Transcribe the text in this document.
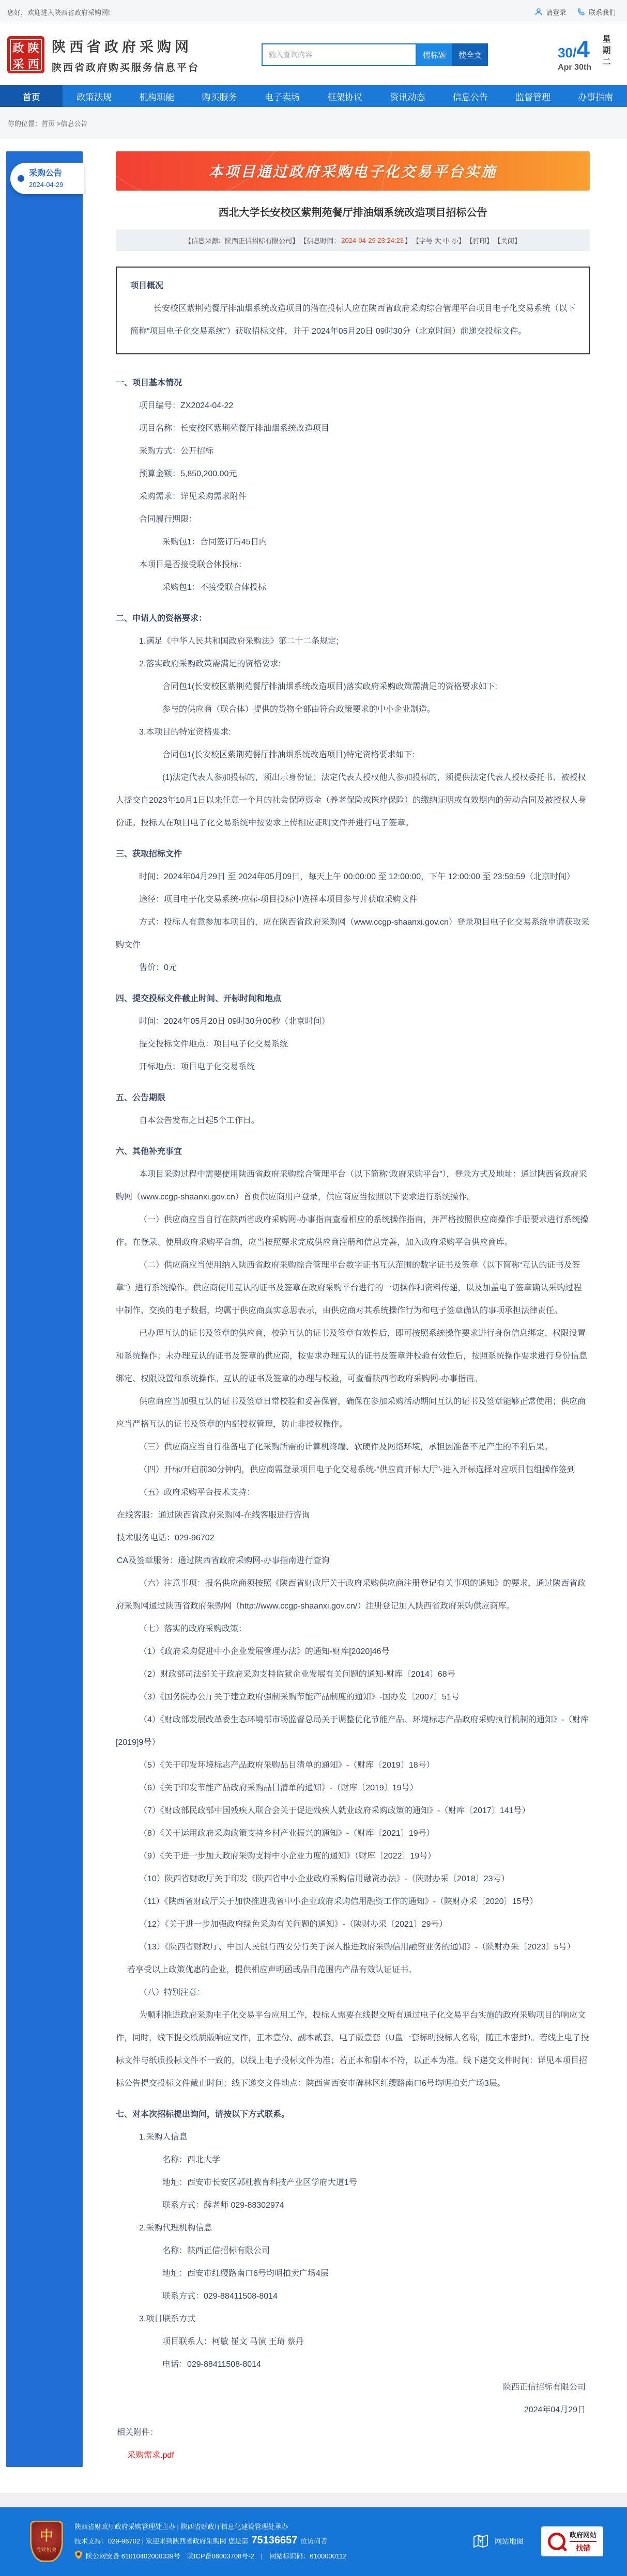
您好，欢迎进入陕西省政府采购网!	请登录	联系我们
政 陕
采 西
陕西省政府采购网
陕西省政府购买服务信息平台
输入查询内容
搜标题	搜全文	30/4
Apr 30th 星期二
首页	政策法规	机构职能	购买服务	电子卖场	框架协议	资讯动态	信息公告	监督管理	办事指南
你的位置：首页 >信息公告
采购公告
2024-04-29
本项目通过政府采购电子化交易平台实施
西北大学长安校区紫荆苑餐厅排油烟系统改造项目招标公告
【信息来源：陕西正信招标有限公司】 【信息时间： 2024-04-29 23:24:23 】 【字号 大 中 小】 【打印】 【关闭】
项目概况

长安校区紫荆苑餐厅排油烟系统改造项目的潜在投标人应在陕西省政府采购综合管理平台项目电子化交易系统（以下简称“项目电子化交易系统”）获取招标文件，并于 2024年05月20日 09时30分（北京时间）前递交投标文件。

一、项目基本情况

项目编号：ZX2024-04-22

项目名称：长安校区紫荆苑餐厅排油烟系统改造项目

采购方式：公开招标

预算金额：5,850,200.00元

采购需求：详见采购需求附件

合同履行期限：

采购包1：合同签订后45日内

本项目是否接受联合体投标：

采购包1：不接受联合体投标

二、申请人的资格要求：

1.满足《中华人民共和国政府采购法》第二十二条规定;

2.落实政府采购政策需满足的资格要求:

合同包1(长安校区紫荆苑餐厅排油烟系统改造项目)落实政府采购政策需满足的资格要求如下:

参与的供应商（联合体）提供的货物全部由符合政策要求的中小企业制造。

3.本项目的特定资格要求:

合同包1(长安校区紫荆苑餐厅排油烟系统改造项目)特定资格要求如下:

(1)法定代表人参加投标的，须出示身份证；法定代表人授权他人参加投标的，须提供法定代表人授权委托书、被授权人提交自2023年10月1日以来任意一个月的社会保障资金（养老保险或医疗保险）的缴纳证明或有效期内的劳动合同及被授权人身份证。投标人在项目电子化交易系统中按要求上传相应证明文件并进行电子签章。

三、获取招标文件

时间：2024年04月29日 至 2024年05月09日，每天上午 00:00:00 至 12:00:00，下午 12:00:00 至 23:59:59（北京时间）

途径：项目电子化交易系统-应标-项目投标中选择本项目参与并获取采购文件

方式：投标人有意参加本项目的，应在陕西省政府采购网（www.ccgp-shaanxi.gov.cn）登录项目电子化交易系统申请获取采购文件

售价：0元

四、提交投标文件截止时间、开标时间和地点

时间：2024年05月20日 09时30分00秒（北京时间）

提交投标文件地点：项目电子化交易系统

开标地点：项目电子化交易系统

五、公告期限

自本公告发布之日起5个工作日。

六、其他补充事宜

本项目采购过程中需要使用陕西省政府采购综合管理平台（以下简称“政府采购平台”），登录方式及地址：通过陕西省政府采购网（www.ccgp-shaanxi.gov.cn）首页供应商用户登录，供应商应当按照以下要求进行系统操作。

（一）供应商应当自行在陕西省政府采购网-办事指南查看相应的系统操作指南，并严格按照供应商操作手册要求进行系统操作。在登录、使用政府采购平台前，应当按照要求完成供应商注册和信息完善，加入政府采购平台供应商库。

（二）供应商应当使用纳入陕西省政府采购综合管理平台数字证书互认范围的数字证书及签章（以下简称“互认的证书及签章”）进行系统操作。供应商使用互认的证书及签章在政府采购平台进行的一切操作和资料传递，以及加盖电子签章确认采购过程中制作、交换的电子数据，均属于供应商真实意思表示，由供应商对其系统操作行为和电子签章确认的事项承担法律责任。

已办理互认的证书及签章的供应商，校验互认的证书及签章有效性后，即可按照系统操作要求进行身份信息绑定、权限设置和系统操作；未办理互认的证书及签章的供应商，按要求办理互认的证书及签章并校验有效性后，按照系统操作要求进行身份信息绑定、权限设置和系统操作。互认的证书及签章的办理与校验，可查看陕西省政府采购网-办事指南。

供应商应当加强互认的证书及签章日常校验和妥善保管，确保在参加采购活动期间互认的证书及签章能够正常使用；供应商应当严格互认的证书及签章的内部授权管理，防止非授权操作。

（三）供应商应当自行准备电子化采购所需的计算机终端、软硬件及网络环境，承担因准备不足产生的不利后果。

（四）开标/开启前30分钟内，供应商需登录项目电子化交易系统-“供应商开标大厅”-进入开标选择对应项目包组操作签到

（五）政府采购平台技术支持：

在线客服：通过陕西省政府采购网-在线客服进行咨询

技术服务电话：029-96702

CA及签章服务：通过陕西省政府采购网-办事指南进行查询

（六）注意事项：报名供应商须按照《陕西省财政厅关于政府采购供应商注册登记有关事项的通知》的要求，通过陕西省政府采购网通过陕西省政府采购网（http://www.ccgp-shaanxi.gov.cn/）注册登记加入陕西省政府采购供应商库。

（七）落实的政府采购政策：

（1）《政府采购促进中小企业发展管理办法》的通知-财库[2020]46号

（2）财政部司法部关于政府采购支持监狱企业发展有关问题的通知-财库〔2014〕68号

（3）《国务院办公厅关于建立政府强制采购节能产品制度的通知》-国办发〔2007〕51号

（4）《财政部发展改革委生态环境部市场监督总局关于调整优化节能产品、环境标志产品政府采购执行机制的通知》-（财库[2019]9号）

（5）《关于印发环境标志产品政府采购品目清单的通知》-（财库〔2019〕18号）

（6）《关于印发节能产品政府采购品目清单的通知》-（财库〔2019〕19号）

（7）《财政部民政部中国残疾人联合会关于促进残疾人就业政府采购政策的通知》-（财库〔2017〕141号）

（8）《关于运用政府采购政策支持乡村产业振兴的通知》-（财库〔2021〕19号）

（9）《关于进一步加大政府采购支持中小企业力度的通知》（财库〔2022〕19号）

（10）陕西省财政厅关于印发《陕西省中小企业政府采购信用融资办法》-（陕财办采〔2018〕23号）

（11）《陕西省财政厅关于加快推进我省中小企业政府采购信用融资工作的通知》-（陕财办采〔2020〕15号）

（12）《关于进一步加强政府绿色采购有关问题的通知》-（陕财办采〔2021〕29号）

（13）《陕西省财政厅、中国人民银行西安分行关于深入推进政府采购信用融资业务的通知》-（陕财办采〔2023〕5号）

若享受以上政策优惠的企业，提供相应声明函或品目范围内产品有效认证证书。

（八）特别注意：

为顺利推进政府采购电子化交易平台应用工作，投标人需要在线提交所有通过电子化交易平台实施的政府采购项目的响应文件，同时，线下提交纸质版响应文件，正本壹份、副本贰套、电子版壹套（U盘一套标明投标人名称，随正本密封）。若线上电子投标文件与纸质投标文件不一致的，以线上电子投标文件为准；若正本和副本不符，以正本为准。线下递交文件时间：详见本项目招标公告提交投标文件截止时间；线下递交文件地点：陕西省西安市碑林区红缨路南口6号均明拍卖广场3层。

七、对本次招标提出询问，请按以下方式联系。

1.采购人信息

名称：西北大学

地址：西安市长安区郭杜教育科技产业区学府大道1号

联系方式：薛老师 029-88302974

2.采购代理机构信息

名称：陕西正信招标有限公司

地址：西安市红缨路南口6号均明拍卖广场4层

联系方式：029-88411508-8014

3.项目联系方式

项目联系人：柯敏 崔文 马演 王琦 蔡丹

电话：029-88411508-8014

陕西正信招标有限公司

2024年04月29日

相关附件：

采购需求.pdf

中
党政机关
陕西省财政厅政府采购管理处主办 | 陕西省财政厅信息化建设管理处承办
技术支持：029-96702 | 欢迎来到陕西省政府采购网 您是第 75136657 位访问者
陕公网安备 61010402000339号　陕ICP备06003708号-2　|　网站标识码：6100000112
网站地图
政府网站
找错
